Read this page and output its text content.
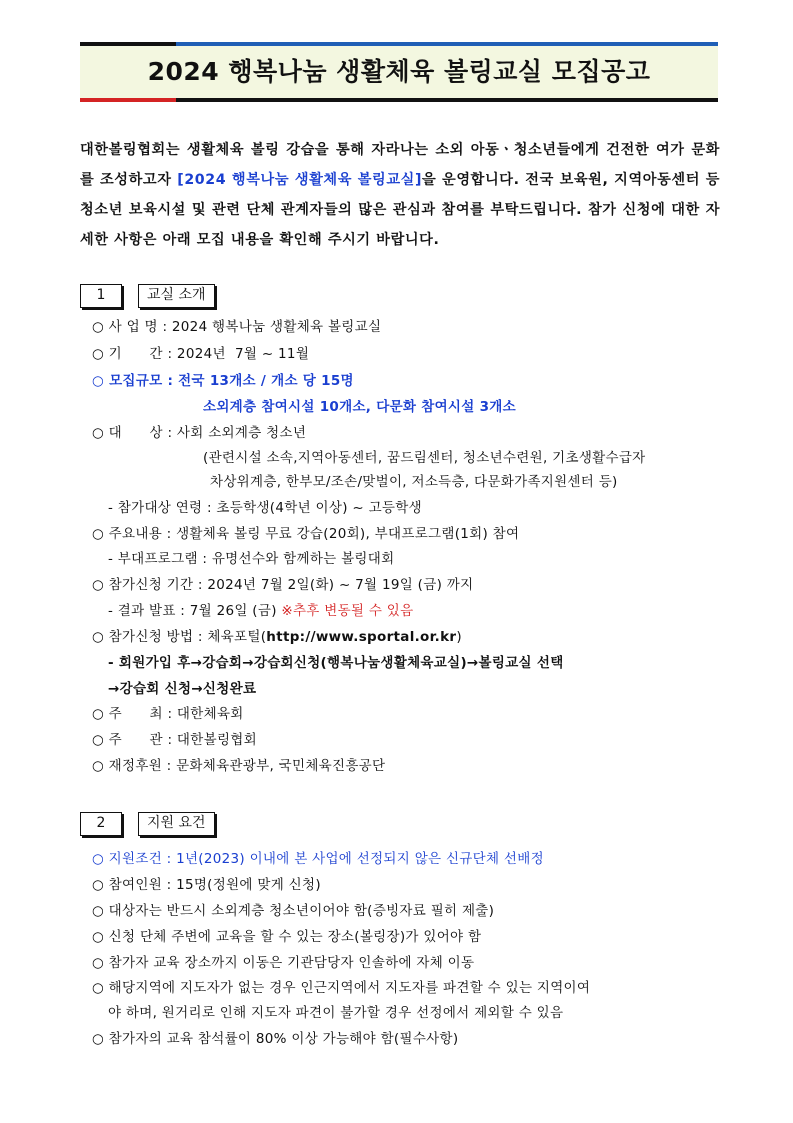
2024 행복나눔 생활체육 볼링교실 모집공고

대한볼링협회는 생활체육 볼링 강습을 통해 자라나는 소외 아동ㆍ청소년들에게 건전한 여가 문화를 조성하고자 [2024 행복나눔 생활체육 볼링교실]을 운영합니다. 전국 보육원, 지역아동센터 등 청소년 보육시설 및 관련 단체 관계자들의 많은 관심과 참여를 부탁드립니다. 참가 신청에 대한 자세한 사항은 아래 모집 내용을 확인해 주시기 바랍니다.

1	교실 소개
○ 사 업 명 : 2024 행복나눔 생활체육 볼링교실
○ 기      간 : 2024년  7월 ~ 11월
○ 모집규모 : 전국 13개소 / 개소 당 15명
소외계층 참여시설 10개소, 다문화 참여시설 3개소
○ 대      상 : 사회 소외계층 청소년
(관련시설 소속,지역아동센터, 꿈드림센터, 청소년수련원, 기초생활수급자
차상위계층, 한부모/조손/맞벌이, 저소득층, 다문화가족지원센터 등)
- 참가대상 연령 : 초등학생(4학년 이상) ~ 고등학생
○ 주요내용 : 생활체육 볼링 무료 강습(20회), 부대프로그램(1회) 참여
- 부대프로그램 : 유명선수와 함께하는 볼링대회
○ 참가신청 기간 : 2024년 7월 2일(화) ~ 7월 19일 (금) 까지
- 결과 발표 : 7월 26일 (금) ※추후 변동될 수 있음
○ 참가신청 방법 : 체육포털(http://www.sportal.or.kr)
- 회원가입 후→강습회→강습회신청(행복나눔생활체육교실)→볼링교실 선택
→강습회 신청→신청완료
○ 주      최 : 대한체육회
○ 주      관 : 대한볼링협회
○ 재정후원 : 문화체육관광부, 국민체육진흥공단
2	지원 요건
○ 지원조건 : 1년(2023) 이내에 본 사업에 선정되지 않은 신규단체 선배정
○ 참여인원 : 15명(정원에 맞게 신청)
○ 대상자는 반드시 소외계층 청소년이어야 함(증빙자료 필히 제출)
○ 신청 단체 주변에 교육을 할 수 있는 장소(볼링장)가 있어야 함
○ 참가자 교육 장소까지 이동은 기관담당자 인솔하에 자체 이동
○ 해당지역에 지도자가 없는 경우 인근지역에서 지도자를 파견할 수 있는 지역이여
야 하며, 원거리로 인해 지도자 파견이 불가할 경우 선정에서 제외할 수 있음
○ 참가자의 교육 참석률이 80% 이상 가능해야 함(필수사항)
